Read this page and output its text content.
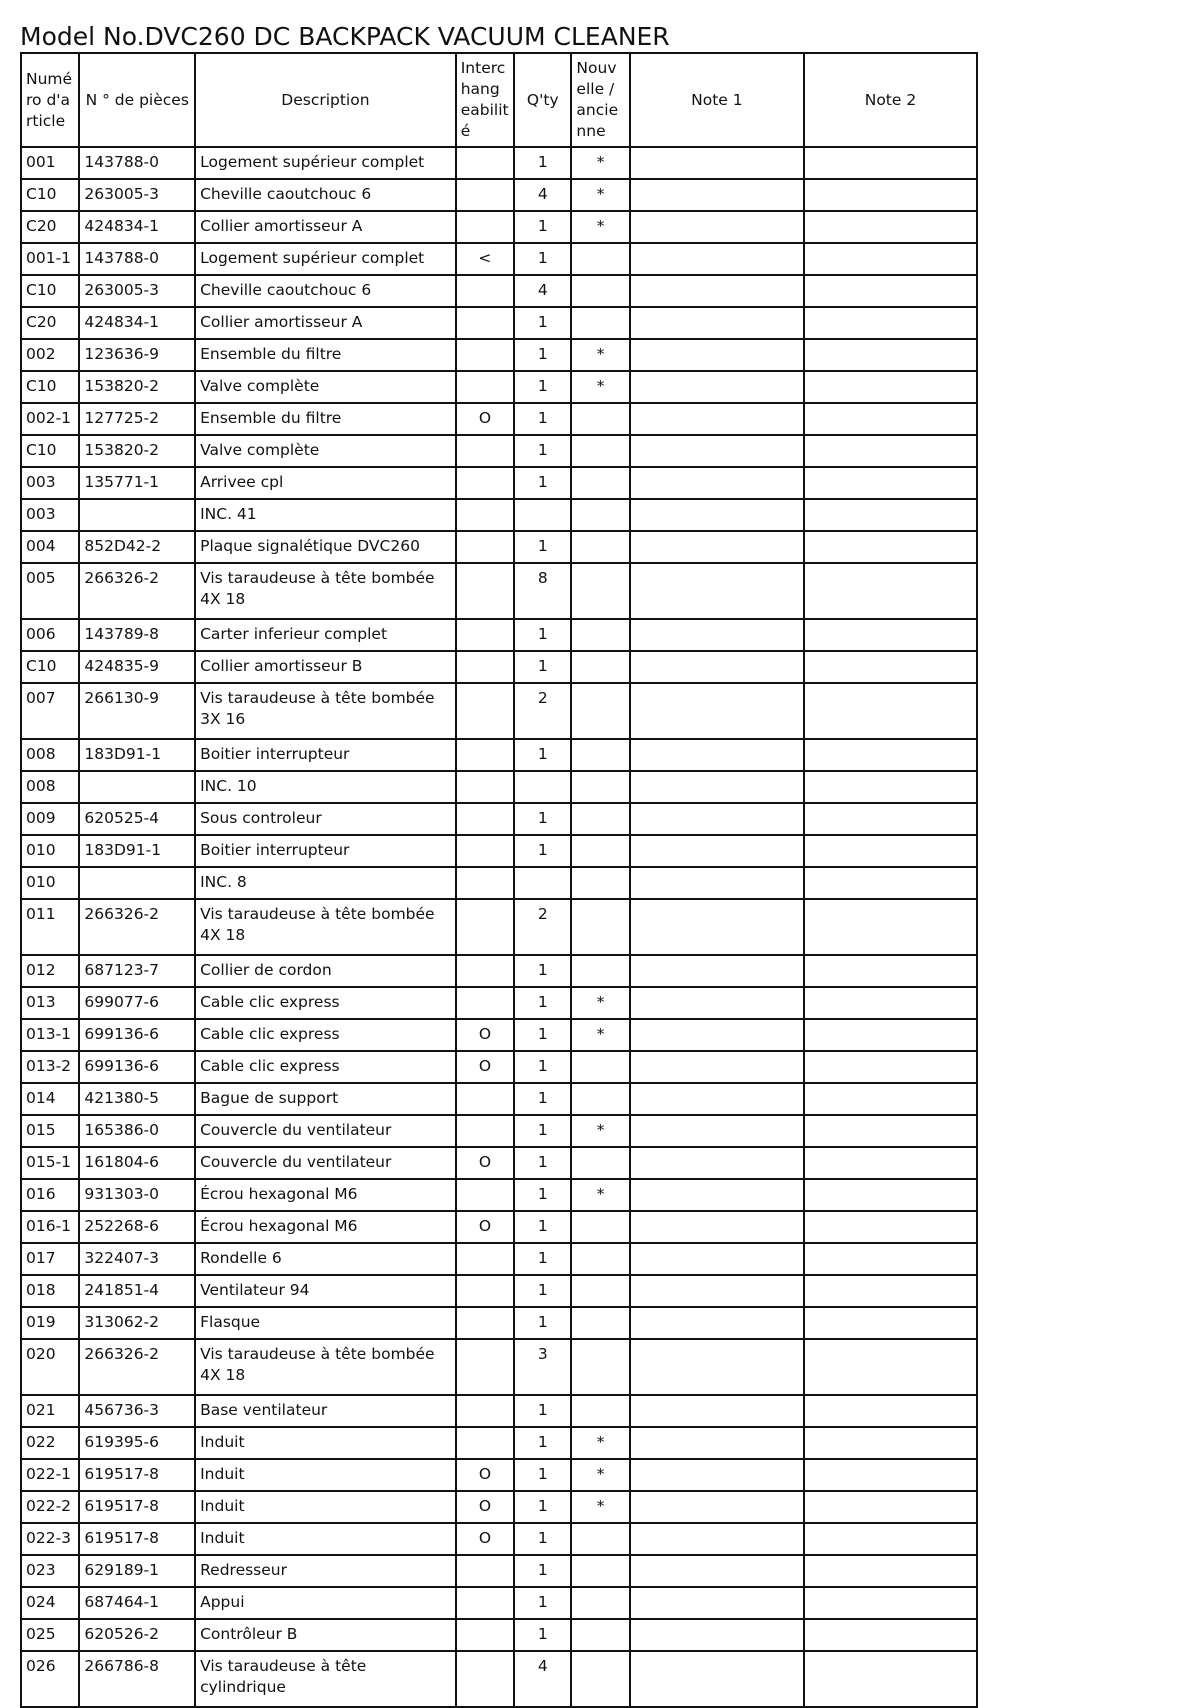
Model No.DVC260 DC BACKPACK VACUUM CLEANER
Numéro d'article	N ° de pièces	Description	Interchangeabilité	Q'ty	Nouvelle / ancienne	Note 1	Note 2
001	143788-0	Logement supérieur complet		1	*		
C10	263005-3	Cheville caoutchouc 6		4	*		
C20	424834-1	Collier amortisseur A		1	*		
001-1	143788-0	Logement supérieur complet	<	1			
C10	263005-3	Cheville caoutchouc 6		4			
C20	424834-1	Collier amortisseur A		1			
002	123636-9	Ensemble du filtre		1	*		
C10	153820-2	Valve complète		1	*		
002-1	127725-2	Ensemble du filtre	O	1			
C10	153820-2	Valve complète		1			
003	135771-1	Arrivee cpl		1			
003		INC. 41					
004	852D42-2	Plaque signalétique DVC260		1			
005	266326-2	Vis taraudeuse à tête bombée 4X 18		8			
006	143789-8	Carter inferieur complet		1			
C10	424835-9	Collier amortisseur B		1			
007	266130-9	Vis taraudeuse à tête bombée 3X 16		2			
008	183D91-1	Boitier interrupteur		1			
008		INC. 10					
009	620525-4	Sous controleur		1			
010	183D91-1	Boitier interrupteur		1			
010		INC. 8					
011	266326-2	Vis taraudeuse à tête bombée 4X 18		2			
012	687123-7	Collier de cordon		1			
013	699077-6	Cable clic express		1	*		
013-1	699136-6	Cable clic express	O	1	*		
013-2	699136-6	Cable clic express	O	1			
014	421380-5	Bague de support		1			
015	165386-0	Couvercle du ventilateur		1	*		
015-1	161804-6	Couvercle du ventilateur	O	1			
016	931303-0	Écrou hexagonal M6		1	*		
016-1	252268-6	Écrou hexagonal M6	O	1			
017	322407-3	Rondelle 6		1			
018	241851-4	Ventilateur 94		1			
019	313062-2	Flasque		1			
020	266326-2	Vis taraudeuse à tête bombée 4X 18		3			
021	456736-3	Base ventilateur		1			
022	619395-6	Induit		1	*		
022-1	619517-8	Induit	O	1	*		
022-2	619517-8	Induit	O	1	*		
022-3	619517-8	Induit	O	1			
023	629189-1	Redresseur		1			
024	687464-1	Appui		1			
025	620526-2	Contrôleur B		1			
026	266786-8	Vis taraudeuse à tête cylindrique		4			
